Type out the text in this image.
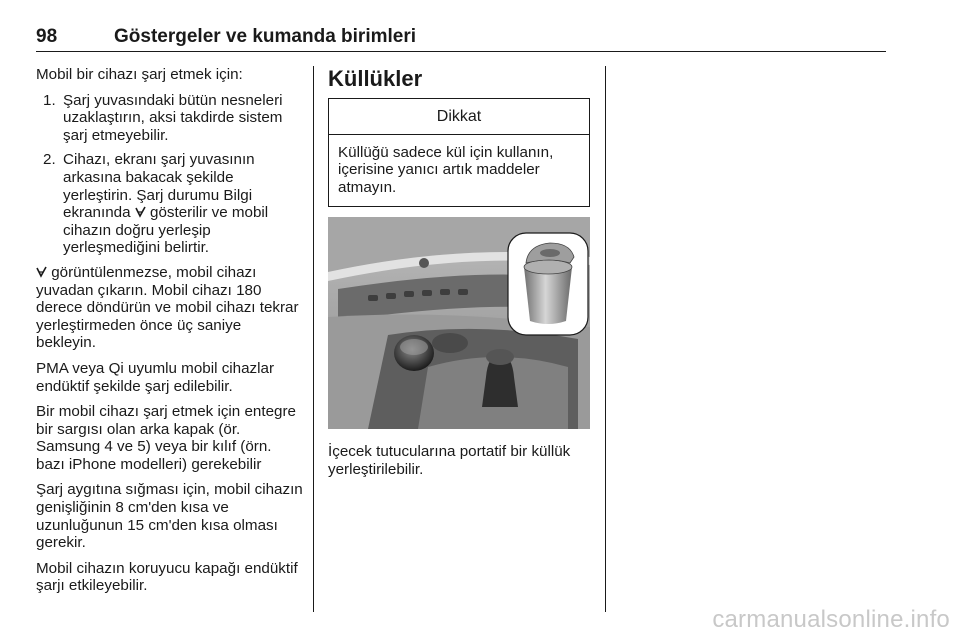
98	Göstergeler ve kumanda birimleri

Mobil bir cihazı şarj etmek için:

1. Şarj yuvasındaki bütün nesneleri uzaklaştırın, aksi takdirde sistem şarj etmeyebilir.
2. Cihazı, ekranı şarj yuvasının arkasına bakacak şekilde yerleştirin. Şarj durumu Bilgi ekranında  gösterilir ve mobil cihazın doğru yerleşip yerleşmediğini belirtir.

görüntülenmezse, mobil cihazı yuvadan çıkarın. Mobil cihazı 180 derece döndürün ve mobil cihazı tekrar yerleştirmeden önce üç saniye bekleyin.

PMA veya Qi uyumlu mobil cihazlar endüktif şekilde şarj edilebilir.

Bir mobil cihazı şarj etmek için entegre bir sargısı olan arka kapak (ör. Samsung 4 ve 5) veya bir kılıf (örn. bazı iPhone modelleri) gerekebilir

Şarj aygıtına sığması için, mobil cihazın genişliğinin 8 cm'den kısa ve uzunluğunun 15 cm'den kısa olması gerekir.

Mobil cihazın koruyucu kapağı endüktif şarjı etkileyebilir.

Küllükler
Dikkat
Küllüğü sadece kül için kullanın, içerisine yanıcı artık maddeler atmayın.
İçecek tutucularına portatif bir küllük yerleştirilebilir.
carmanualsonline.info
